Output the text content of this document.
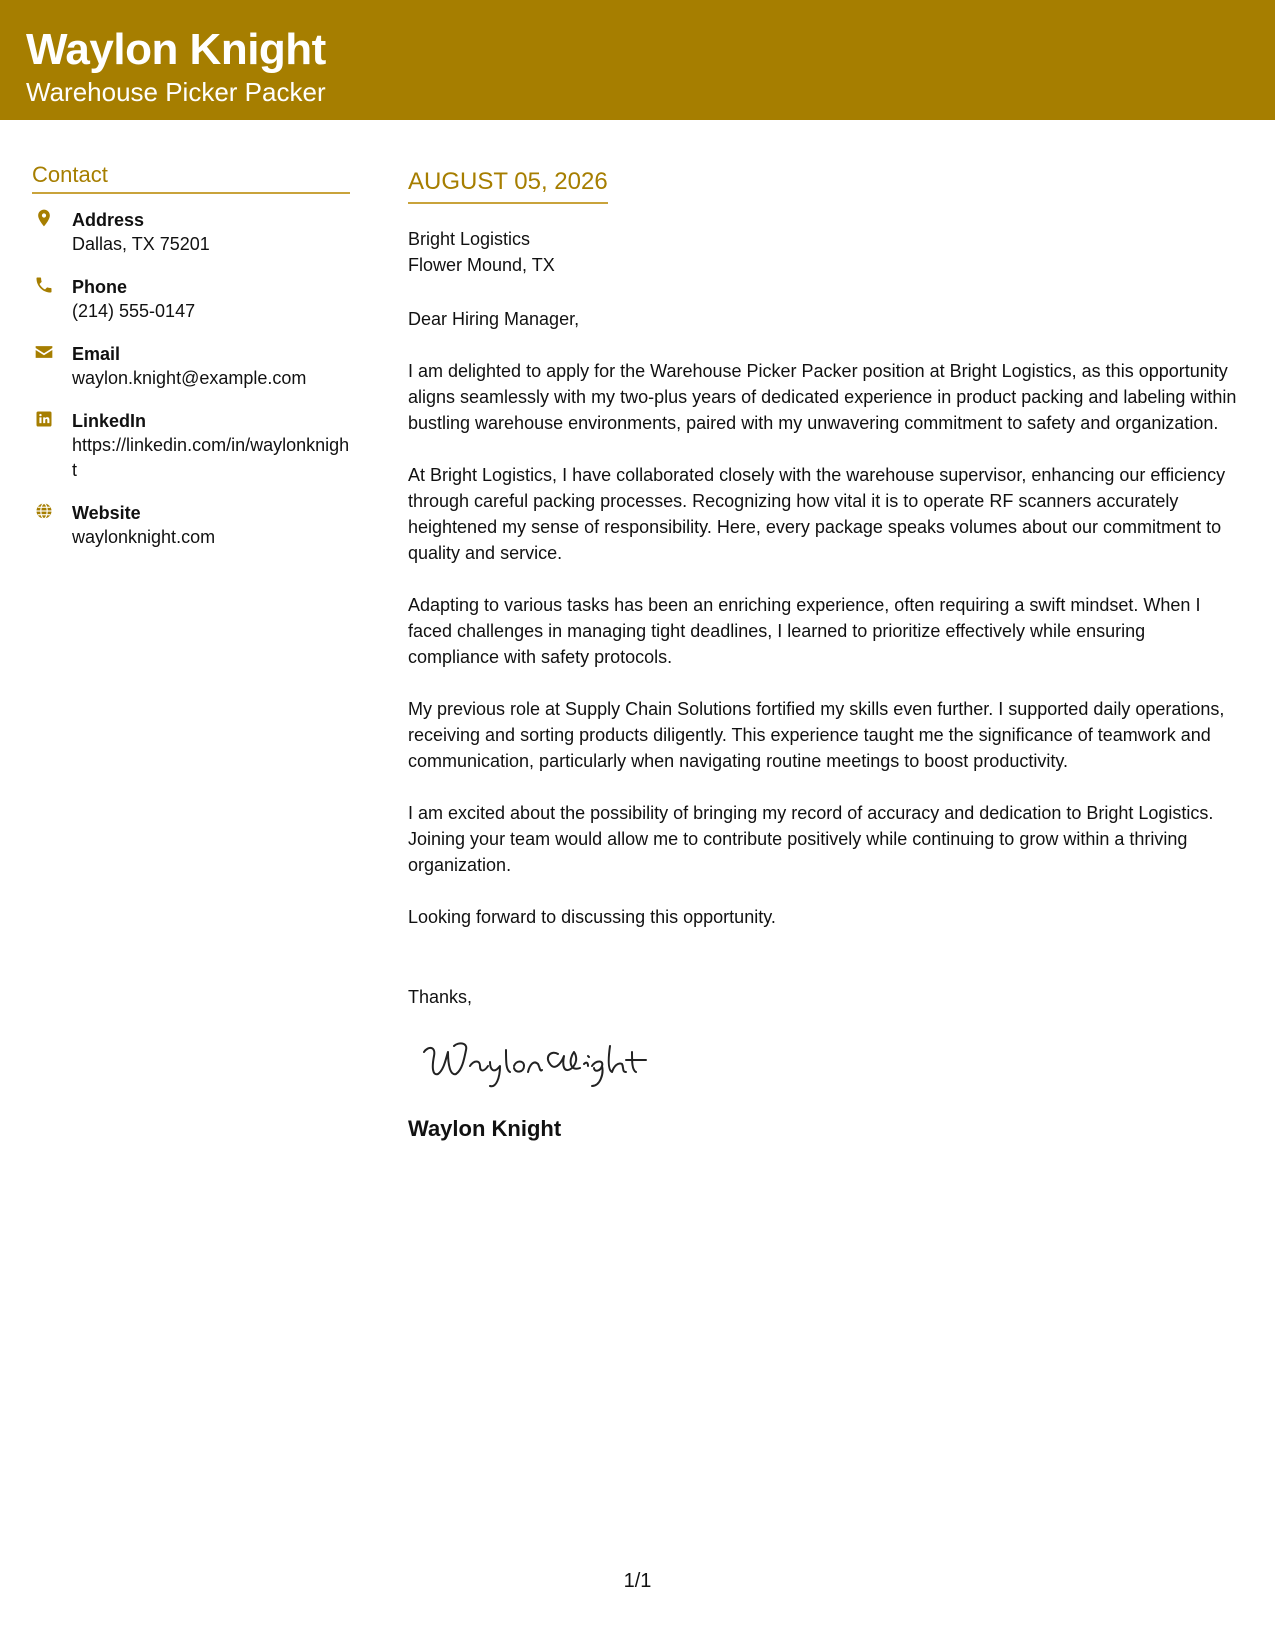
Waylon Knight
Warehouse Picker Packer
Contact
Address
Dallas, TX 75201
Phone
(214) 555-0147
Email
waylon.knight@example.com
LinkedIn
https://linkedin.com/in/waylonknight
Website
waylonknight.com
AUGUST 05, 2026
Bright Logistics
Flower Mound, TX
Dear Hiring Manager,
I am delighted to apply for the Warehouse Picker Packer position at Bright Logistics, as this opportunity aligns seamlessly with my two-plus years of dedicated experience in product packing and labeling within bustling warehouse environments, paired with my unwavering commitment to safety and organization.
At Bright Logistics, I have collaborated closely with the warehouse supervisor, enhancing our efficiency through careful packing processes. Recognizing how vital it is to operate RF scanners accurately heightened my sense of responsibility. Here, every package speaks volumes about our commitment to quality and service.
Adapting to various tasks has been an enriching experience, often requiring a swift mindset. When I faced challenges in managing tight deadlines, I learned to prioritize effectively while ensuring compliance with safety protocols.
My previous role at Supply Chain Solutions fortified my skills even further. I supported daily operations, receiving and sorting products diligently. This experience taught me the significance of teamwork and communication, particularly when navigating routine meetings to boost productivity.
I am excited about the possibility of bringing my record of accuracy and dedication to Bright Logistics. Joining your team would allow me to contribute positively while continuing to grow within a thriving organization.
Looking forward to discussing this opportunity.
Thanks,
Waylon Knight
1/1
